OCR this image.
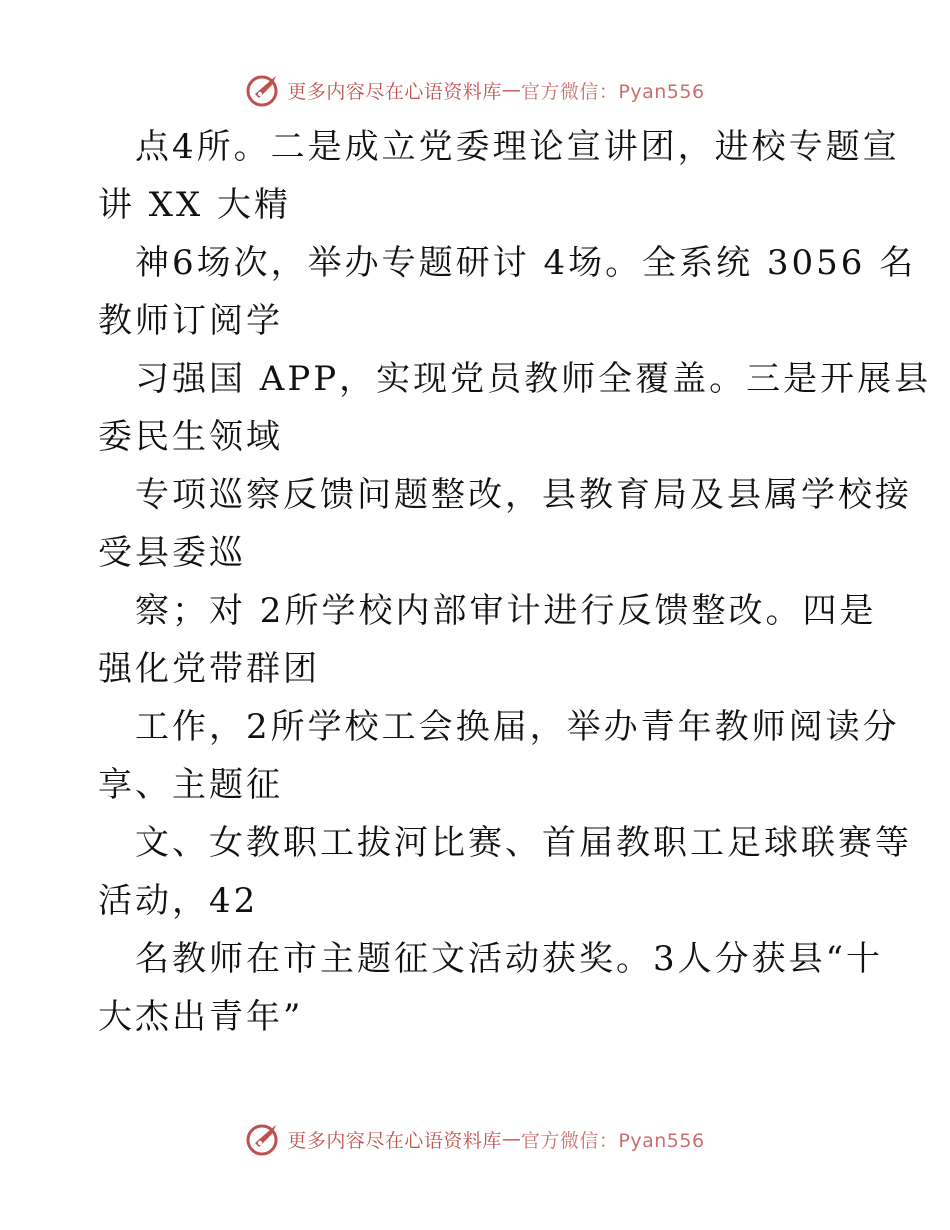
更多内容尽在心语资料库 — 官方微信：Pyan556
点4所。二是成立党委理论宣讲团，进校专题宣
讲 XX 大精
神6场次，举办专题研讨 4场。全系统 3056 名
教师订阅学
习强国 APP，实现党员教师全覆盖。三是开展县
委民生领域
专项巡察反馈问题整改，县教育局及县属学校接
受县委巡
察；对 2所学校内部审计进行反馈整改。四是
强化党带群团
工作，2所学校工会换届，举办青年教师阅读分
享、主题征
文、女教职工拔河比赛、首届教职工足球联赛等
活动，42
名教师在市主题征文活动获奖。3人分获县“十
大杰出青年”
更多内容尽在心语资料库 — 官方微信：Pyan556
